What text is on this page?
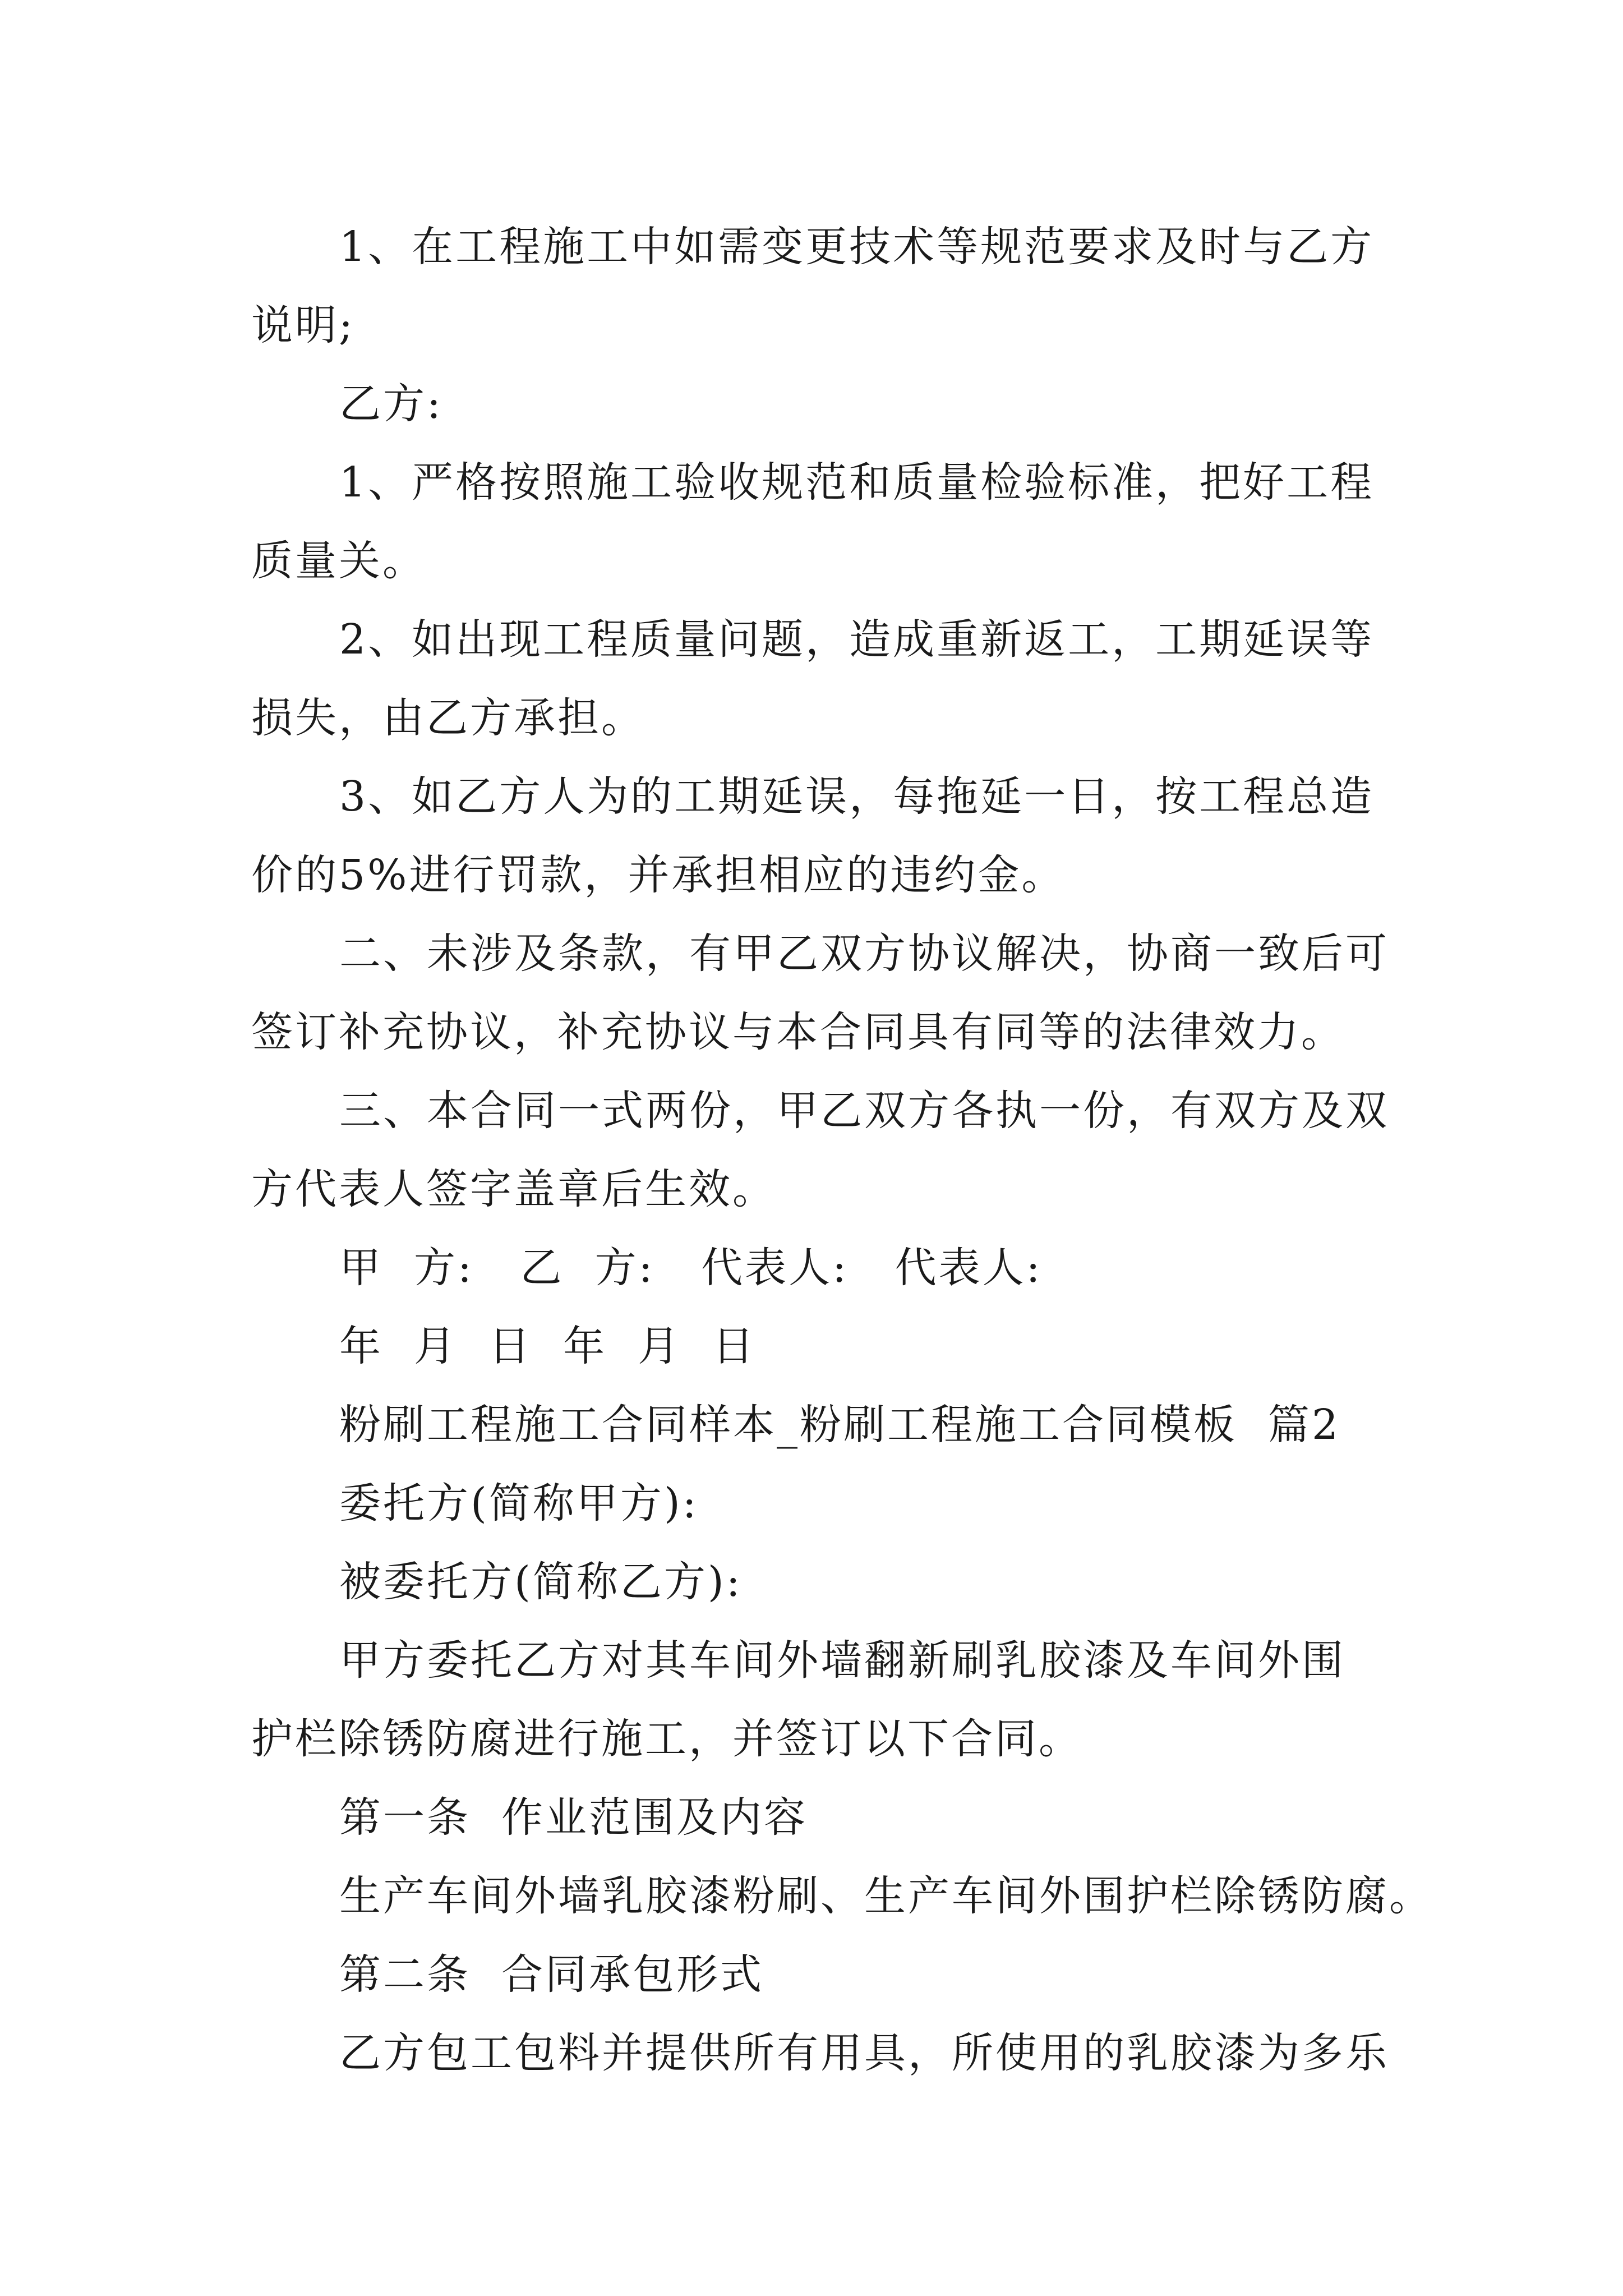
1、在工程施工中如需变更技术等规范要求及时与乙方
说明;
乙方:
1、严格按照施工验收规范和质量检验标准，把好工程
质量关。
2、如出现工程质量问题，造成重新返工，工期延误等
损失，由乙方承担。
3、如乙方人为的工期延误，每拖延一日，按工程总造
价的5%进行罚款，并承担相应的违约金。
二、未涉及条款，有甲乙双方协议解决，协商一致后可
签订补充协议，补充协议与本合同具有同等的法律效力。
三、本合同一式两份，甲乙双方各执一份，有双方及双
方代表人签字盖章后生效。
甲  方:   乙  方:   代表人:   代表人:
年  月  日  年  月  日
粉刷工程施工合同样本_粉刷工程施工合同模板  篇2
委托方(简称甲方):
被委托方(简称乙方):
甲方委托乙方对其车间外墙翻新刷乳胶漆及车间外围
护栏除锈防腐进行施工，并签订以下合同。
第一条  作业范围及内容
生产车间外墙乳胶漆粉刷、生产车间外围护栏除锈防腐。
第二条  合同承包形式
乙方包工包料并提供所有用具，所使用的乳胶漆为多乐
